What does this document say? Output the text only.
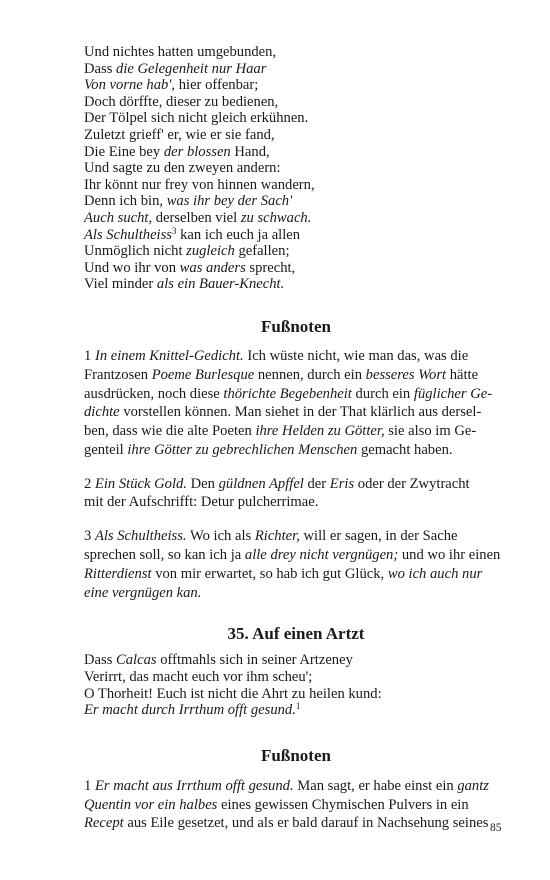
Und nichtes hatten umgebunden,
Dass die Gelegenheit nur Haar
Von vorne hab', hier offenbar;
Doch dörffte, dieser zu bedienen,
Der Tölpel sich nicht gleich erkühnen.
Zuletzt grieff' er, wie er sie fand,
Die Eine bey der blossen Hand,
Und sagte zu den zweyen andern:
Ihr könnt nur frey von hinnen wandern,
Denn ich bin, was ihr bey der Sach'
Auch sucht, derselben viel zu schwach.
Als Schultheiss$^3$ kan ich euch ja allen
Unmöglich nicht zugleich gefallen;
Und wo ihr von was anders sprecht,
Viel minder als ein Bauer-Knecht.
Fußnoten
1 In einem Knittel-Gedicht. Ich wüste nicht, wie man das, was die
Frantzosen Poeme Burlesque nennen, durch ein besseres Wort hätte
ausdrücken, noch diese thörichte Begebenheit durch ein füglicher Ge-
dichte vorstellen können. Man siehet in der That klärlich aus dersel-
ben, dass wie die alte Poeten ihre Helden zu Götter, sie also im Ge-
genteil ihre Götter zu gebrechlichen Menschen gemacht haben.
2 Ein Stück Gold. Den güldnen Apffel der Eris oder der Zwytracht
mit der Aufschrifft: Detur pulcherrimae.
3 Als Schultheiss. Wo ich als Richter, will er sagen, in der Sache
sprechen soll, so kan ich ja alle drey nicht vergnügen; und wo ihr einen
Ritterdienst von mir erwartet, so hab ich gut Glück, wo ich auch nur
eine vergnügen kan.
35. Auf einen Artzt
Dass Calcas offtmahls sich in seiner Artzeney
Verirrt, das macht euch vor ihm scheu';
O Thorheit! Euch ist nicht die Ahrt zu heilen kund:
Er macht durch Irrthum offt gesund.$^1$
Fußnoten
1 Er macht aus Irrthum offt gesund. Man sagt, er habe einst ein gantz
Quentin vor ein halbes eines gewissen Chymischen Pulvers in ein
Recept aus Eile gesetzet, und als er bald darauf in Nachsehung seines 85
